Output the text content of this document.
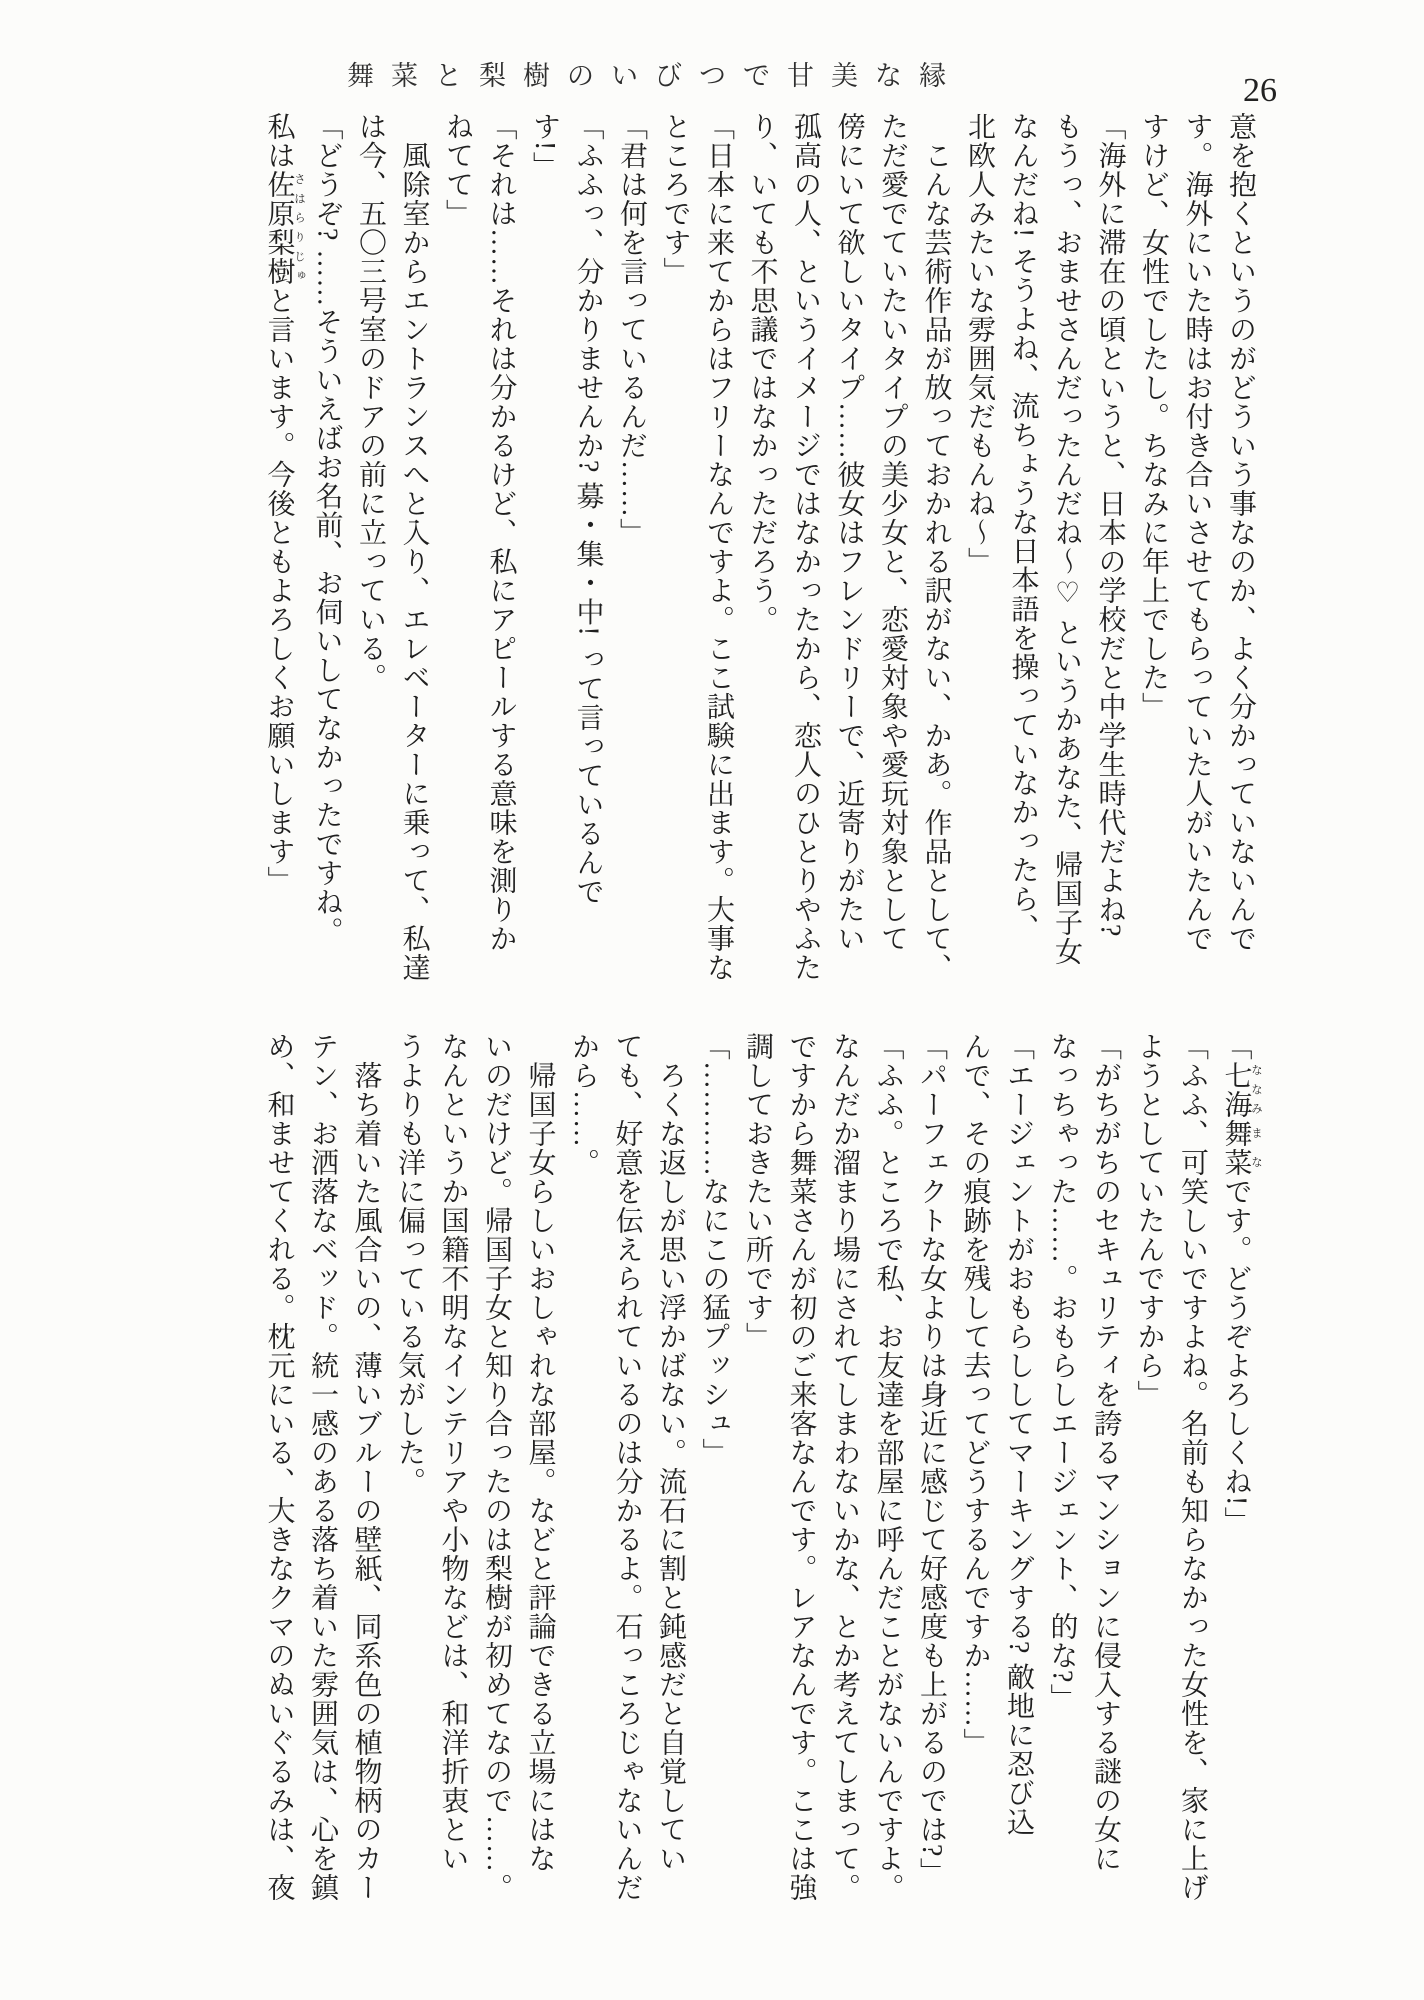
舞菜と梨樹のいびつで甘美な縁	26

意を抱くというのがどういう事なのか、よく分かっていないんで

す。海外にいた時はお付き合いさせてもらっていた人がいたんで

すけど、女性でしたし。ちなみに年上でした」

「海外に滞在の頃というと、日本の学校だと中学生時代だよね?

もうっ、おませさんだったんだね〜♡ というかあなた、帰国子女

なんだね! そうよね、流ちょうな日本語を操っていなかったら、

北欧人みたいな雰囲気だもんね〜」

こんな芸術作品が放っておかれる訳がない、かあ。作品として、

ただ愛でていたいタイプの美少女と、恋愛対象や愛玩対象として

傍にいて欲しいタイプ……彼女はフレンドリーで、近寄りがたい

孤高の人、というイメージではなかったから、恋人のひとりやふた

り、いても不思議ではなかっただろう。

「日本に来てからはフリーなんですよ。ここ試験に出ます。大事な

ところです」

「君は何を言っているんだ……」

「ふふっ、分かりませんか? 募・集・中! って言っているんで

す!」

「それは……それは分かるけど、私にアピールする意味を測りか

ねてて」

風除室からエントランスへと入り、エレベーターに乗って、私達

は今、五〇三号室のドアの前に立っている。

「どうぞ? ……そういえばお名前、お伺いしてなかったですね。

私は佐原さはら梨樹りじゅと言います。今後ともよろしくお願いします」

「七海ななみ舞菜まなです。どうぞよろしくね!」

「ふふ、可笑しいですよね。名前も知らなかった女性を、家に上げ

ようとしていたんですから」

「がちがちのセキュリティを誇るマンションに侵入する謎の女に

なっちゃった……。おもらしエージェント、的な?」

「エージェントがおもらししてマーキングする? 敵地に忍び込

んで、その痕跡を残して去ってどうするんですか……」

「パーフェクトな女よりは身近に感じて好感度も上がるのでは?」

「ふふ。ところで私、お友達を部屋に呼んだことがないんですよ。

なんだか溜まり場にされてしまわないかな、とか考えてしまって。

ですから舞菜さんが初のご来客なんです。レアなんです。ここは強

調しておきたい所です」

「…………なにこの猛プッシュ」

ろくな返しが思い浮かばない。流石に割と鈍感だと自覚してい

ても、好意を伝えられているのは分かるよ。石っころじゃないんだ

から……。

帰国子女らしいおしゃれな部屋。などと評論できる立場にはな

いのだけど。帰国子女と知り合ったのは梨樹が初めてなので……。

なんというか国籍不明なインテリアや小物などは、和洋折衷とい

うよりも洋に偏っている気がした。

落ち着いた風合いの、薄いブルーの壁紙、同系色の植物柄のカー

テン、お洒落なベッド。統一感のある落ち着いた雰囲気は、心を鎮

め、和ませてくれる。枕元にいる、大きなクマのぬいぐるみは、夜
